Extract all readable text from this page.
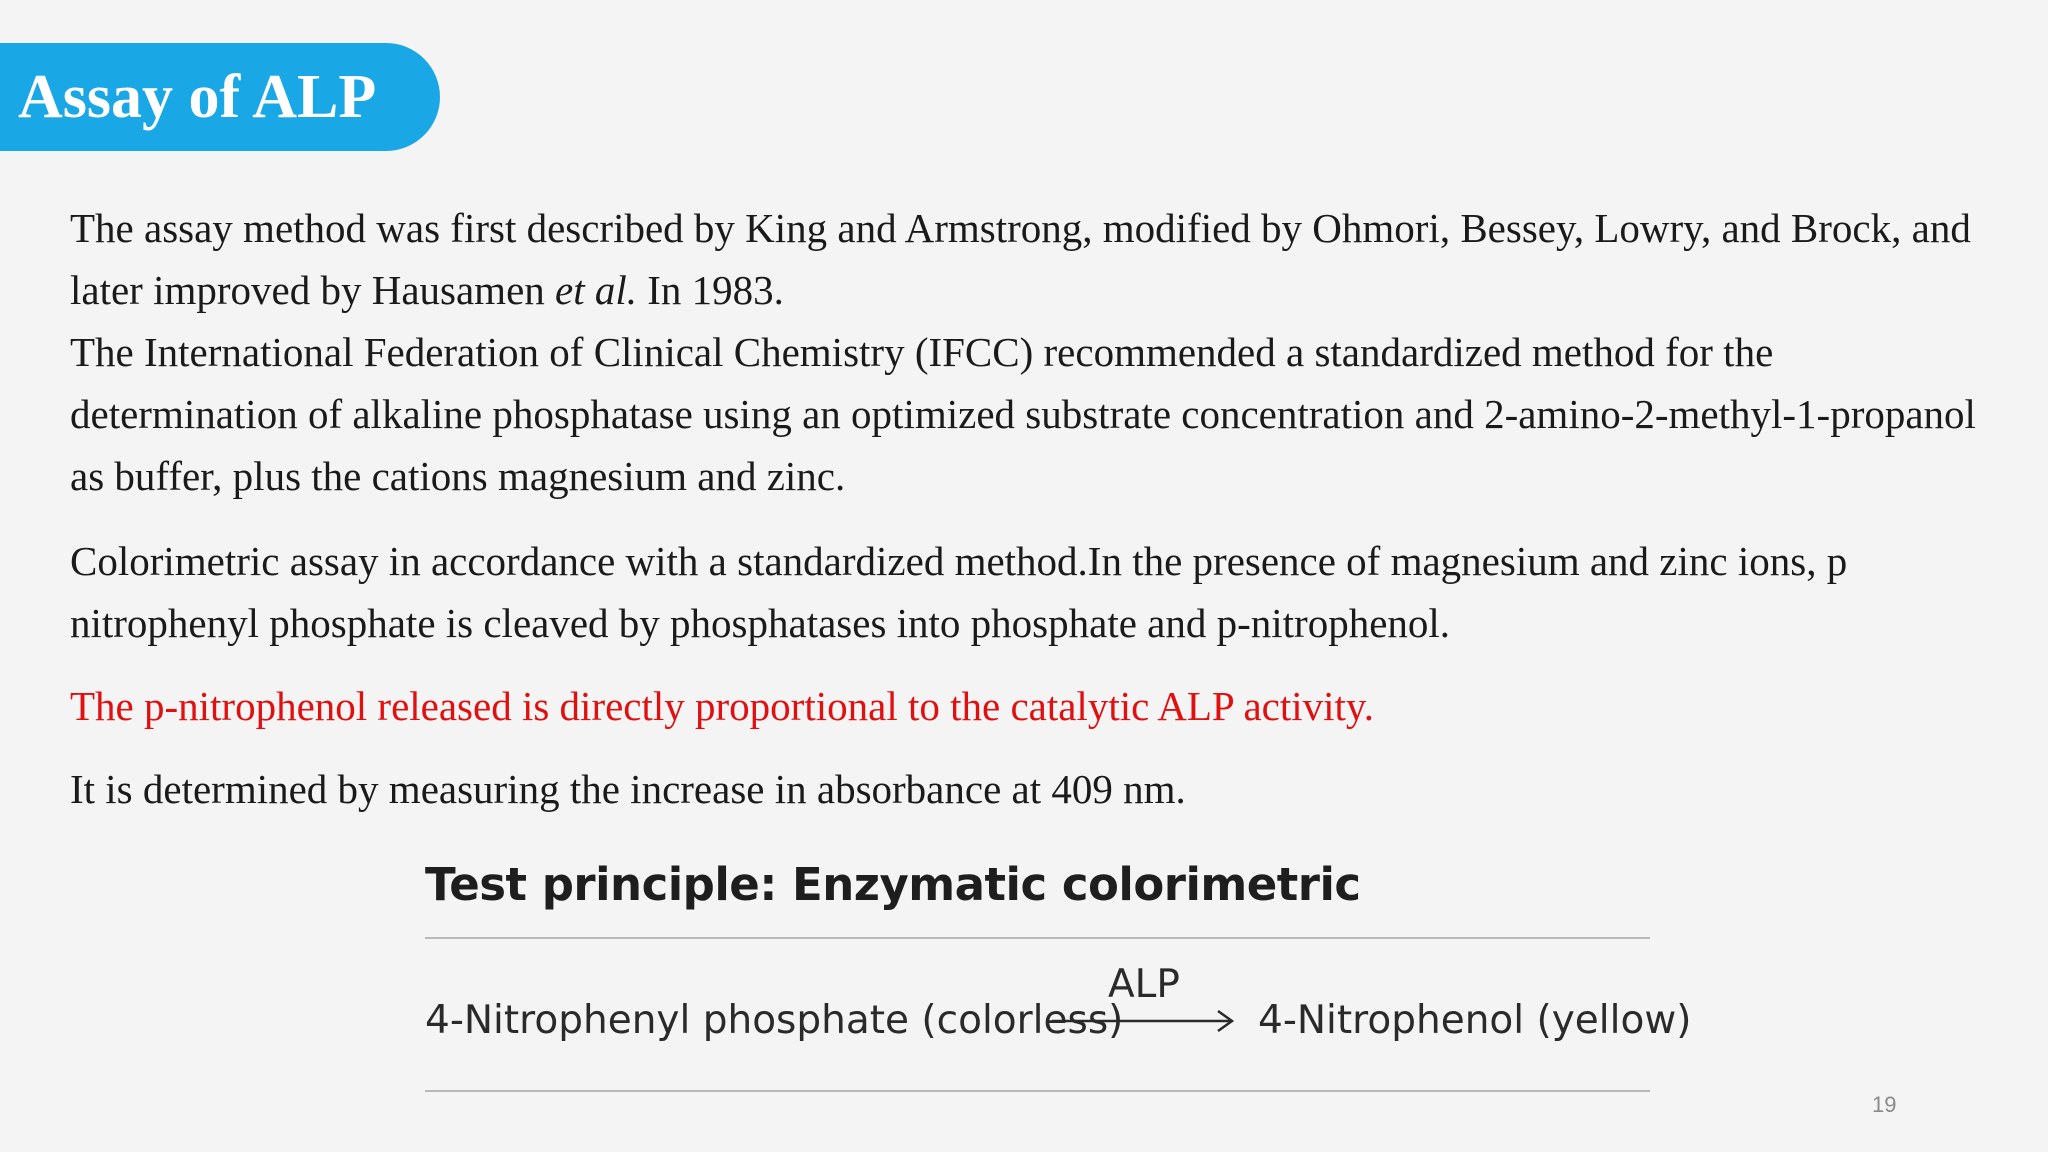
Assay of ALP

The assay method was first described by King and Armstrong, modified by Ohmori, Bessey, Lowry, and Brock, and later improved by Hausamen et al. In 1983.

The International Federation of Clinical Chemistry (IFCC) recommended a standardized method for the determination of alkaline phosphatase using an optimized substrate concentration and 2-amino-2-methyl-1-propanol as buffer, plus the cations magnesium and zinc.

Colorimetric assay in accordance with a standardized method.In the presence of magnesium and zinc ions, p nitrophenyl phosphate is cleaved by phosphatases into phosphate and p-nitrophenol.

The p-nitrophenol released is directly proportional to the catalytic ALP activity.

It is determined by measuring the increase in absorbance at 409 nm.

Test principle: Enzymatic colorimetric
4-Nitrophenyl phosphate (colorless)
ALP
4-Nitrophenol (yellow)
19
